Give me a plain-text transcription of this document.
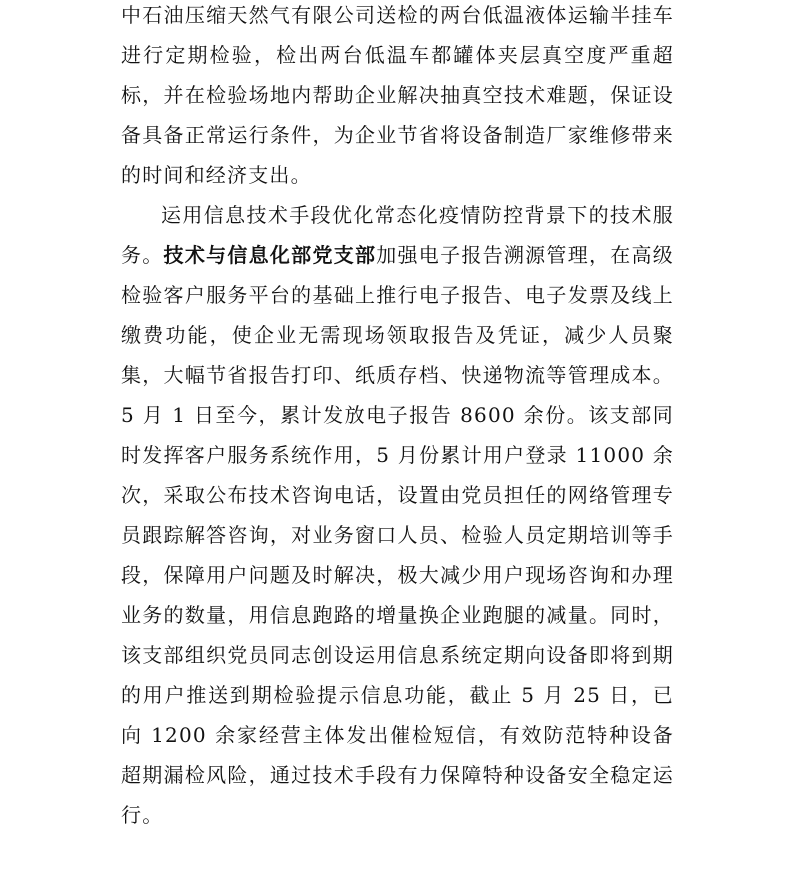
中石油压缩天然气有限公司送检的两台低温液体运输半挂车进行定期检验，检出两台低温车都罐体夹层真空度严重超标，并在检验场地内帮助企业解决抽真空技术难题，保证设备具备正常运行条件，为企业节省将设备制造厂家维修带来的时间和经济支出。

运用信息技术手段优化常态化疫情防控背景下的技术服务。技术与信息化部党支部加强电子报告溯源管理，在高级检验客户服务平台的基础上推行电子报告、电子发票及线上缴费功能，使企业无需现场领取报告及凭证，减少人员聚集，大幅节省报告打印、纸质存档、快递物流等管理成本。5 月 1 日至今，累计发放电子报告 8600 余份。该支部同时发挥客户服务系统作用，5 月份累计用户登录 11000 余次，采取公布技术咨询电话，设置由党员担任的网络管理专员跟踪解答咨询，对业务窗口人员、检验人员定期培训等手段，保障用户问题及时解决，极大减少用户现场咨询和办理业务的数量，用信息跑路的增量换企业跑腿的减量。同时，该支部组织党员同志创设运用信息系统定期向设备即将到期的用户推送到期检验提示信息功能，截止 5 月 25 日，已向 1200 余家经营主体发出催检短信，有效防范特种设备超期漏检风险，通过技术手段有力保障特种设备安全稳定运行。
